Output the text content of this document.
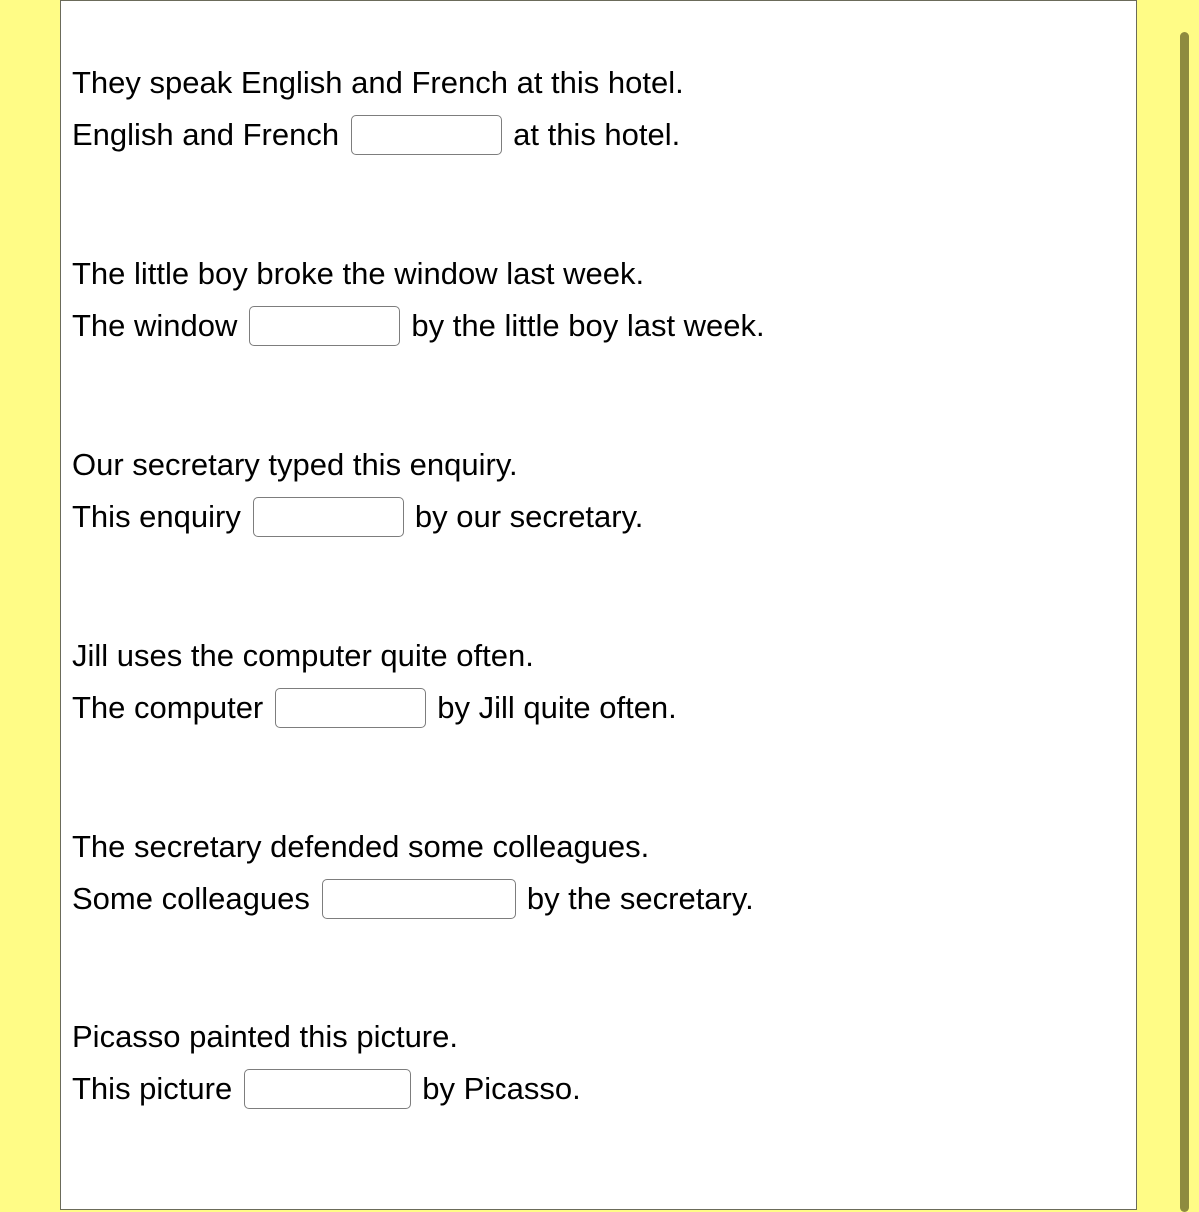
They speak English and French at this hotel.
English and French	at this hotel.
The little boy broke the window last week.
The window	by the little boy last week.
Our secretary typed this enquiry.
This enquiry	by our secretary.
Jill uses the computer quite often.
The computer	by Jill quite often.
The secretary defended some colleagues.
Some colleagues	by the secretary.
Picasso painted this picture.
This picture	by Picasso.
